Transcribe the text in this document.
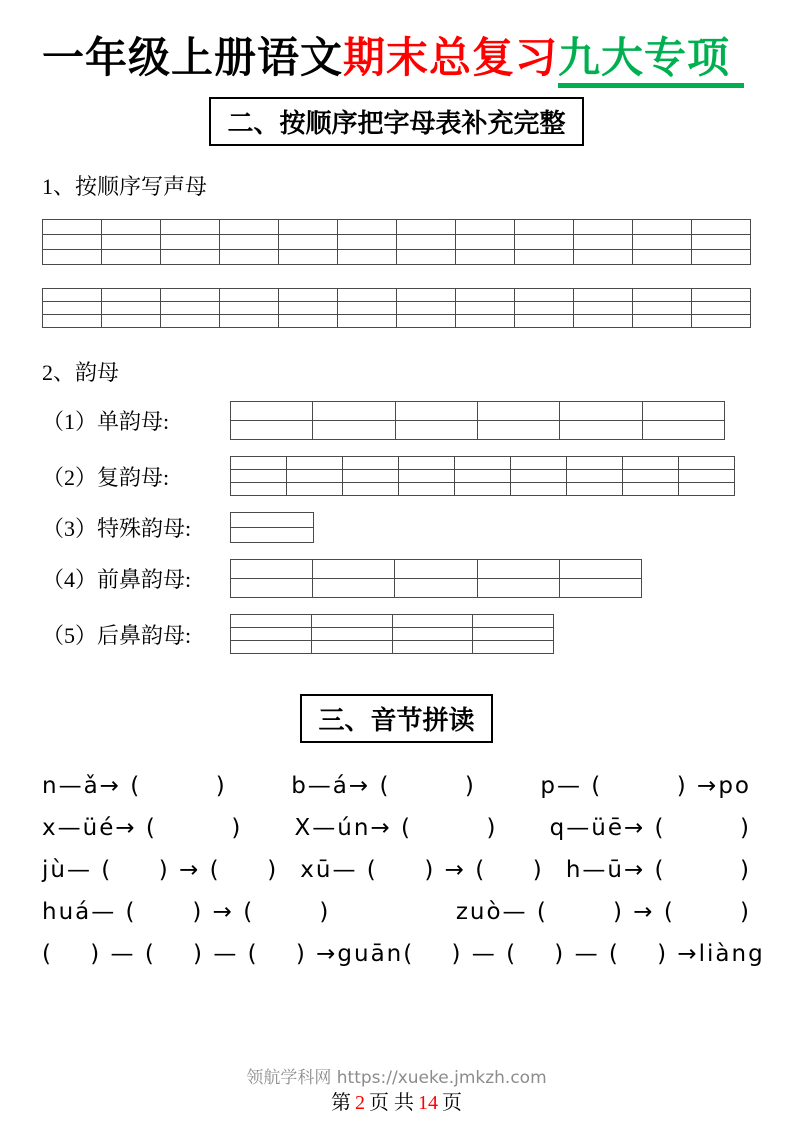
一年级上册语文期末总复习九大专项
二、按顺序把字母表补充完整
1、按顺序写声母

2、韵母
（1）单韵母:

（2）复韵母:

（3）特殊韵母:

（4）前鼻韵母:

（5）后鼻韵母:

三、音节拼读
n—ǎ→ (        )	b—á→ (        )	p— (        ) →po
x—üé→ (        ) X—ún→ (        ) q—üē→ (        )
jù— (     ) → (     ) xū— (     ) → (     ) h—ū→ (        )
huá— (      ) → (       )	zuò— (       ) → (       )
(    ) — (    ) — (    ) →guān (    ) — (    ) — (    ) →liàng
领航学科网 https://xueke.jmkzh.com
第 2 页 共 14 页
